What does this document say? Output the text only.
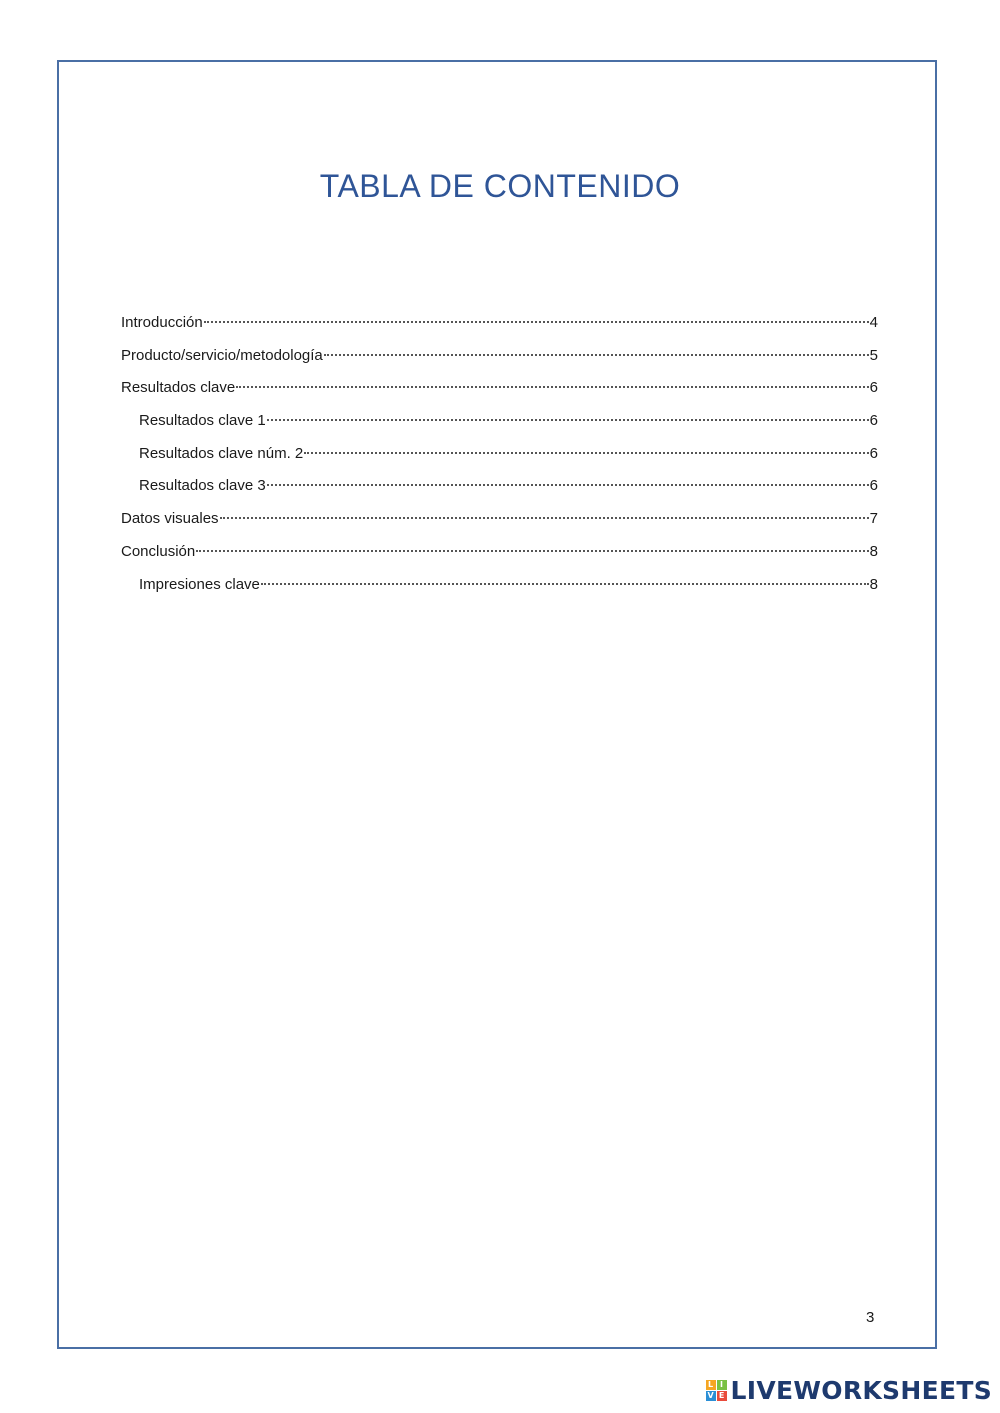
TABLA DE CONTENIDO
Introducción	4
Producto/servicio/metodología	5
Resultados clave	6
Resultados clave 1	6
Resultados clave núm. 2	6
Resultados clave 3	6
Datos visuales	7
Conclusión	8
Impresiones clave	8
3
L I
V E LIVEWORKSHEETS
